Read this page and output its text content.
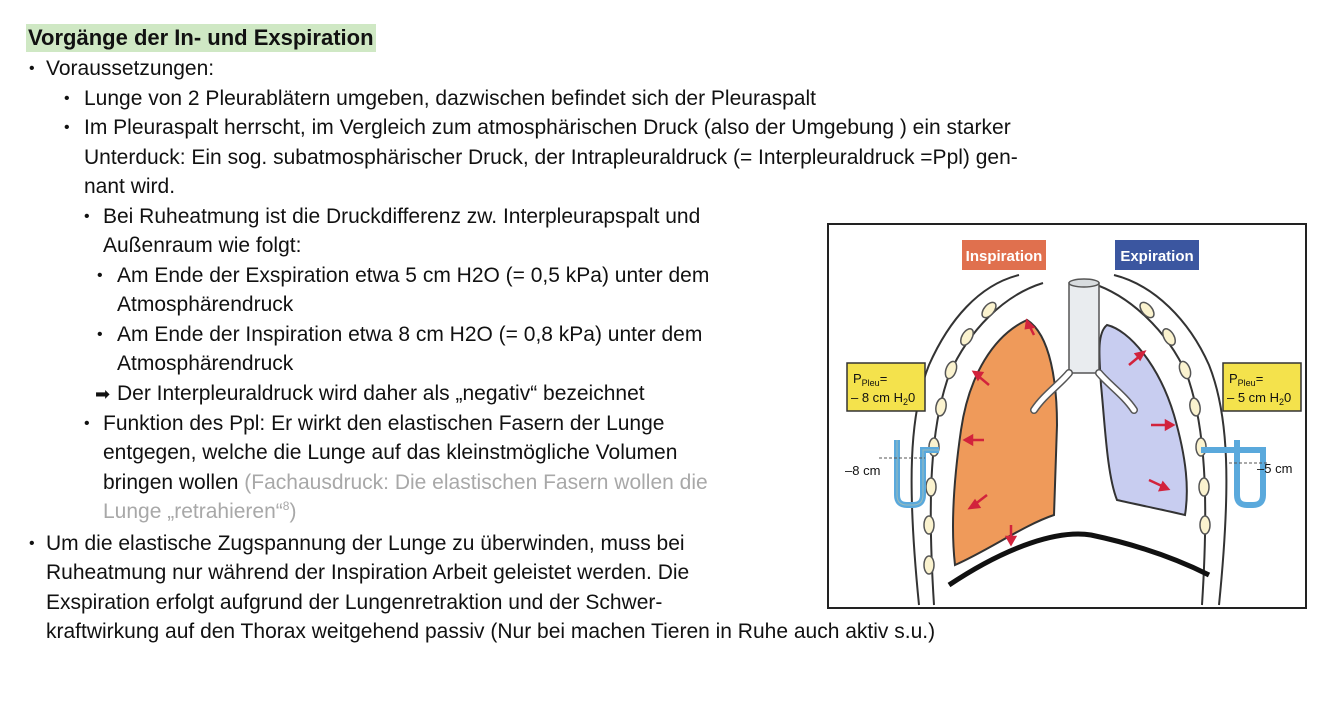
Vorgänge der In- und Exspiration
• Voraussetzungen:
• Lunge von 2 Pleurablätern umgeben, dazwischen befindet sich der Pleuraspalt
• Im Pleuraspalt herrscht, im Vergleich zum atmosphärischen Druck (also der Umgebung ) ein starker
Unterduck: Ein sog. subatmosphärischer Druck, der Intrapleuraldruck (= Interpleuraldruck =Ppl) gen-
nant wird.
• Bei Ruheatmung ist die Druckdifferenz zw. Interpleurapspalt und
Außenraum wie folgt:
• Am Ende der Exspiration etwa 5 cm H2O (= 0,5 kPa) unter dem
Atmosphärendruck
• Am Ende der Inspiration etwa 8 cm H2O (= 0,8 kPa) unter dem
Atmosphärendruck
➡ Der Interpleuraldruck wird daher als „negativ“ bezeichnet
• Funktion des Ppl: Er wirkt den elastischen Fasern der Lunge
entgegen, welche die Lunge auf das kleinstmögliche Volumen
bringen wollen (Fachausdruck: Die elastischen Fasern wollen die
Lunge „retrahieren“$^8$)
• Um die elastische Zugspannung der Lunge zu überwinden, muss bei
Ruheatmung nur während der Inspiration Arbeit geleistet werden. Die
Exspiration erfolgt aufgrund der Lungenretraktion und der Schwer-
kraftwirkung auf den Thorax weitgehend passiv (Nur bei machen Tieren in Ruhe auch aktiv s.u.)
Inspiration	Expiration
$P_{Pleu}=$
– 8 cm $H_20$
$P_{Pleu}=$
– 5 cm $H_20$
–8 cm	–5 cm
